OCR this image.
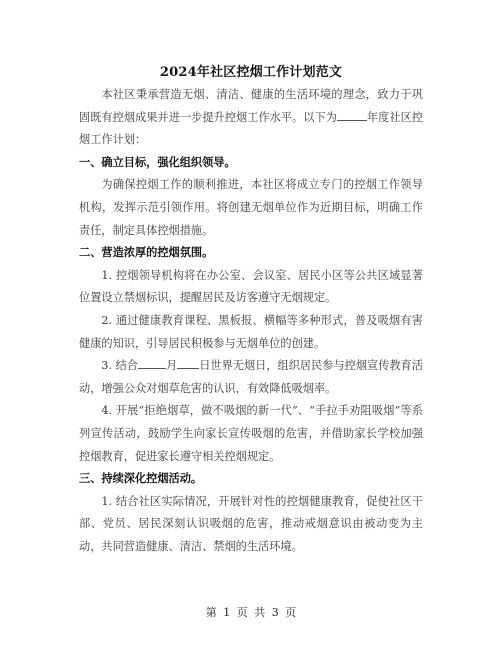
2024年社区控烟工作计划范文

本社区秉承营造无烟、清洁、健康的生活环境的理念，致力于巩固既有控烟成果并进一步提升控烟工作水平。以下为	年度社区控烟工作计划：

一、确立目标，强化组织领导。

为确保控烟工作的顺利推进，本社区将成立专门的控烟工作领导机构，发挥示范引领作用。将创建无烟单位作为近期目标，明确工作责任，制定具体控烟措施。

二、营造浓厚的控烟氛围。

1. 控烟领导机构将在办公室、会议室、居民小区等公共区域显著位置设立禁烟标识，提醒居民及访客遵守无烟规定。

2. 通过健康教育课程、黑板报、横幅等多种形式，普及吸烟有害健康的知识，引导居民积极参与无烟单位的创建。

3. 结合	月 日世界无烟日，组织居民参与控烟宣传教育活动，增强公众对烟草危害的认识，有效降低吸烟率。

4. 开展“拒绝烟草，做不吸烟的新一代”、“手拉手劝阻吸烟”等系列宣传活动，鼓励学生向家长宣传吸烟的危害，并借助家长学校加强控烟教育，促进家长遵守相关控烟规定。

三、持续深化控烟活动。

1. 结合社区实际情况，开展针对性的控烟健康教育，促使社区干部、党员、居民深刻认识吸烟的危害，推动戒烟意识由被动变为主动，共同营造健康、清洁、禁烟的生活环境。

第 1 页 共 3 页
